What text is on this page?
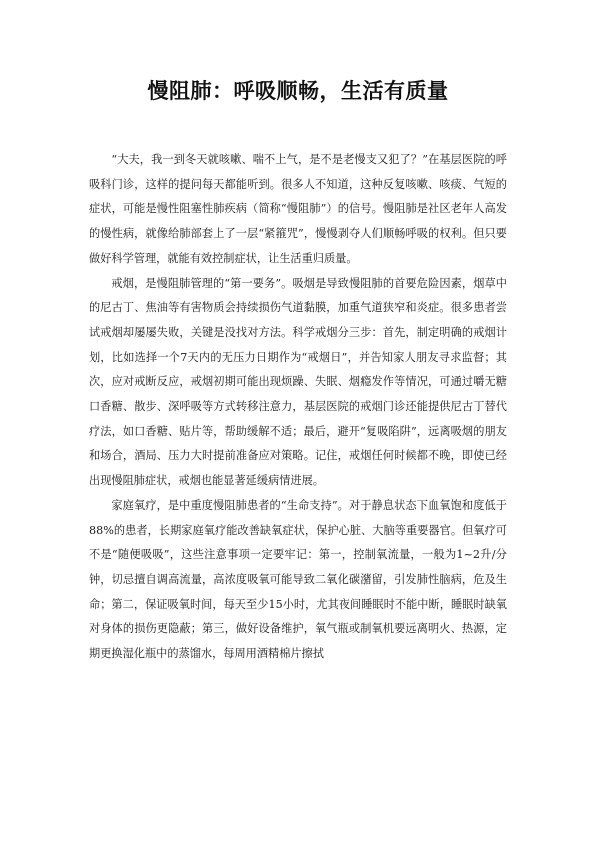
慢阻肺：呼吸顺畅，生活有质量

“大夫，我一到冬天就咳嗽、喘不上气，是不是老慢支又犯了？”在基层医院的呼吸科门诊，这样的提问每天都能听到。很多人不知道，这种反复咳嗽、咳痰、气短的症状，可能是慢性阻塞性肺疾病（简称“慢阻肺”）的信号。慢阻肺是社区老年人高发的慢性病，就像给肺部套上了一层“紧箍咒”，慢慢剥夺人们顺畅呼吸的权利。但只要做好科学管理，就能有效控制症状，让生活重归质量。

戒烟，是慢阻肺管理的“第一要务”。吸烟是导致慢阻肺的首要危险因素，烟草中的尼古丁、焦油等有害物质会持续损伤气道黏膜，加重气道狭窄和炎症。很多患者尝试戒烟却屡屡失败，关键是没找对方法。科学戒烟分三步：首先，制定明确的戒烟计划，比如选择一个7天内的无压力日期作为“戒烟日”，并告知家人朋友寻求监督；其次，应对戒断反应，戒烟初期可能出现烦躁、失眠、烟瘾发作等情况，可通过嚼无糖口香糖、散步、深呼吸等方式转移注意力，基层医院的戒烟门诊还能提供尼古丁替代疗法，如口香糖、贴片等，帮助缓解不适；最后，避开“复吸陷阱”，远离吸烟的朋友和场合，酒局、压力大时提前准备应对策略。记住，戒烟任何时候都不晚，即使已经出现慢阻肺症状，戒烟也能显著延缓病情进展。

家庭氧疗，是中重度慢阻肺患者的“生命支持”。对于静息状态下血氧饱和度低于88%的患者，长期家庭氧疗能改善缺氧症状，保护心脏、大脑等重要器官。但氧疗可不是“随便吸吸”，这些注意事项一定要牢记：第一，控制氧流量，一般为1~2升/分钟，切忌擅自调高流量，高浓度吸氧可能导致二氧化碳潴留，引发肺性脑病，危及生命；第二，保证吸氧时间，每天至少15小时，尤其夜间睡眠时不能中断，睡眠时缺氧对身体的损伤更隐蔽；第三，做好设备维护，氧气瓶或制氧机要远离明火、热源，定期更换湿化瓶中的蒸馏水，每周用酒精棉片擦拭
